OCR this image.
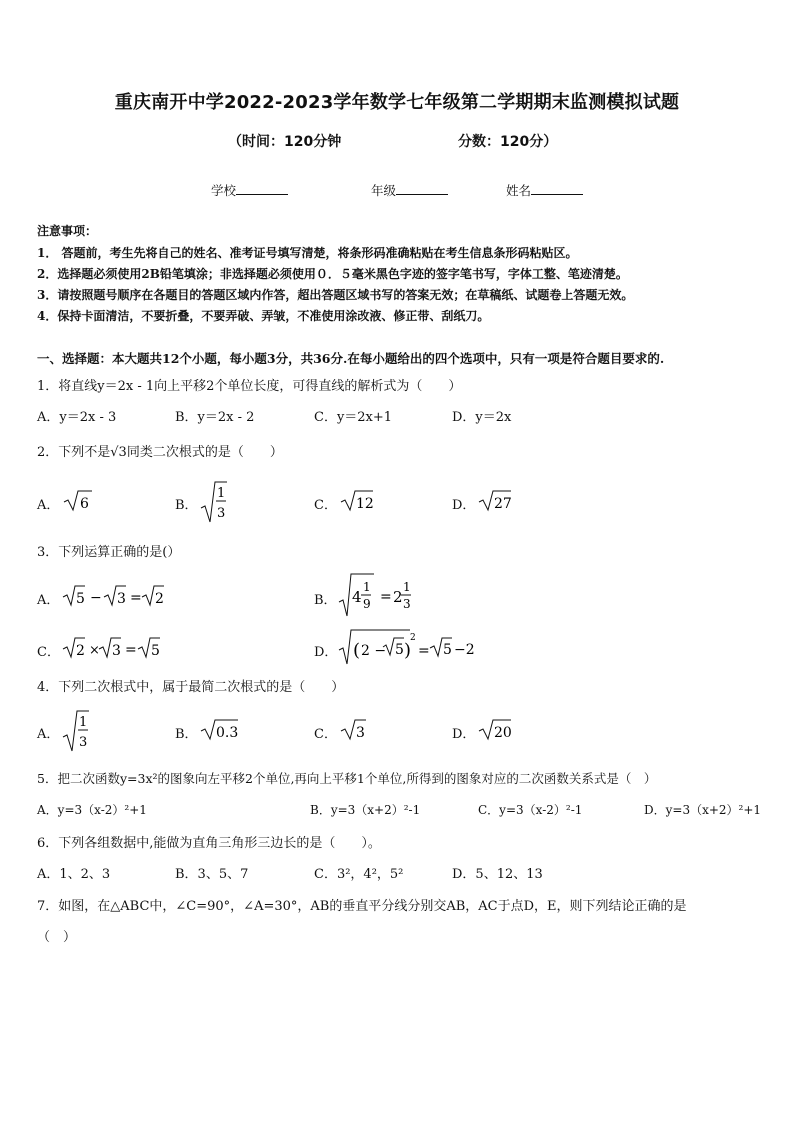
重庆南开中学2022-2023学年数学七年级第二学期期末监测模拟试题
（时间：120分钟	分数：120分）
学校	年级	姓名
注意事项：
1． 答题前，考生先将自己的姓名、准考证号填写清楚，将条形码准确粘贴在考生信息条形码粘贴区。
2．选择题必须使用2B铅笔填涂；非选择题必须使用０．５毫米黑色字迹的签字笔书写，字体工整、笔迹清楚。
3．请按照题号顺序在各题目的答题区域内作答，超出答题区域书写的答案无效；在草稿纸、试题卷上答题无效。
4．保持卡面清洁，不要折叠，不要弄破、弄皱，不准使用涂改液、修正带、刮纸刀。
一、选择题：本大题共12个小题，每小题3分，共36分.在每小题给出的四个选项中，只有一项是符合题目要求的.
1．将直线y＝2x - 1向上平移2个单位长度，可得直线的解析式为（　　）
A．y＝2x - 3	B．y＝2x - 2	C．y＝2x+1	D．y＝2x
2．下列不是√3同类二次根式的是（　　）
A． 6	B．
1
3
C． 12	D． 27
3．下列运算正确的是(）
A． 5 − 3 = 2	B． 4
1
9 = 2
1
3
C． 2 × 3 = 5	D． ( 2 − 5 )
2
= 5 −2
4．下列二次根式中，属于最简二次根式的是（　　）
A．
1
3
B． 0.3	C． 3	D． 20
5．把二次函数y=3x²的图象向左平移2个单位,再向上平移1个单位,所得到的图象对应的二次函数关系式是（　）
A．y=3（x-2）²+1	B．y=3（x+2）²-1	C．y=3（x-2）²-1	D．y=3（x+2）²+1
6．下列各组数据中,能做为直角三角形三边长的是（　　）。
A．1、2、3	B．3、5、7	C．3²，4²，5²	D．5、12、13
7．如图，在△ABC中，∠C=90°，∠A=30°，AB的垂直平分线分别交AB，AC于点D，E，则下列结论正确的是
（　）
